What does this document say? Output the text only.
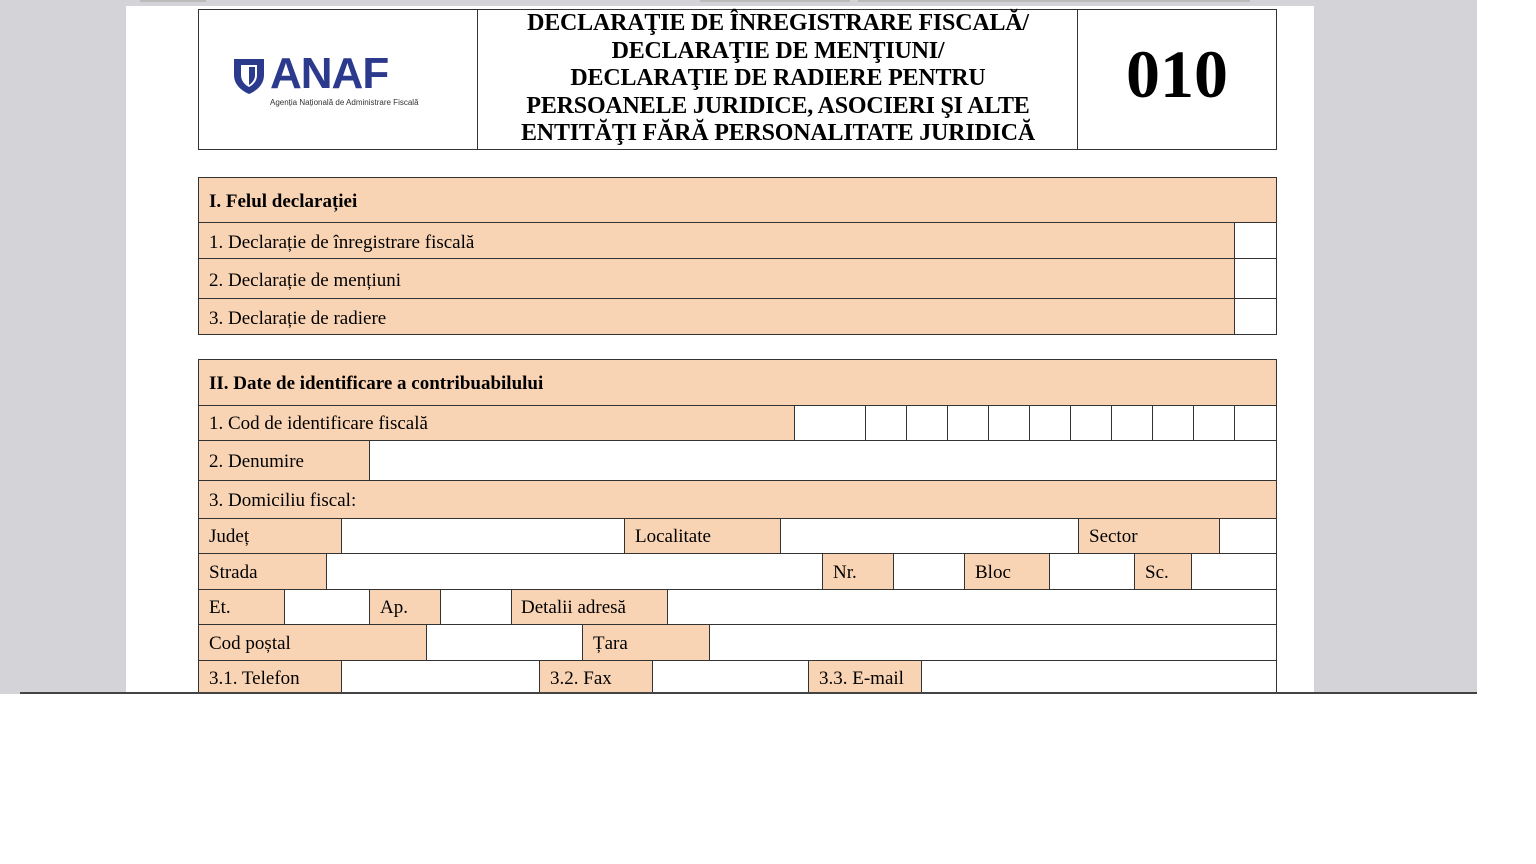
ANAF
Agenția Națională de Administrare Fiscală
DECLARAŢIE DE ÎNREGISTRARE FISCALĂ/
DECLARAŢIE DE MENŢIUNI/
DECLARAŢIE DE RADIERE PENTRU
PERSOANELE JURIDICE, ASOCIERI ŞI ALTE
ENTITĂŢI FĂRĂ PERSONALITATE JURIDICĂ
010
I. Felul declarației
1. Declarație de înregistrare fiscală
2. Declarație de mențiuni
3. Declarație de radiere
II. Date de identificare a contribuabilului
1. Cod de identificare fiscală
2. Denumire
3. Domiciliu fiscal:
Județ	Localitate	Sector
Strada	Nr.	Bloc	Sc.
Et.	Ap.	Detalii adresă
Cod poștal	Țara
3.1. Telefon	3.2. Fax	3.3. E-mail
